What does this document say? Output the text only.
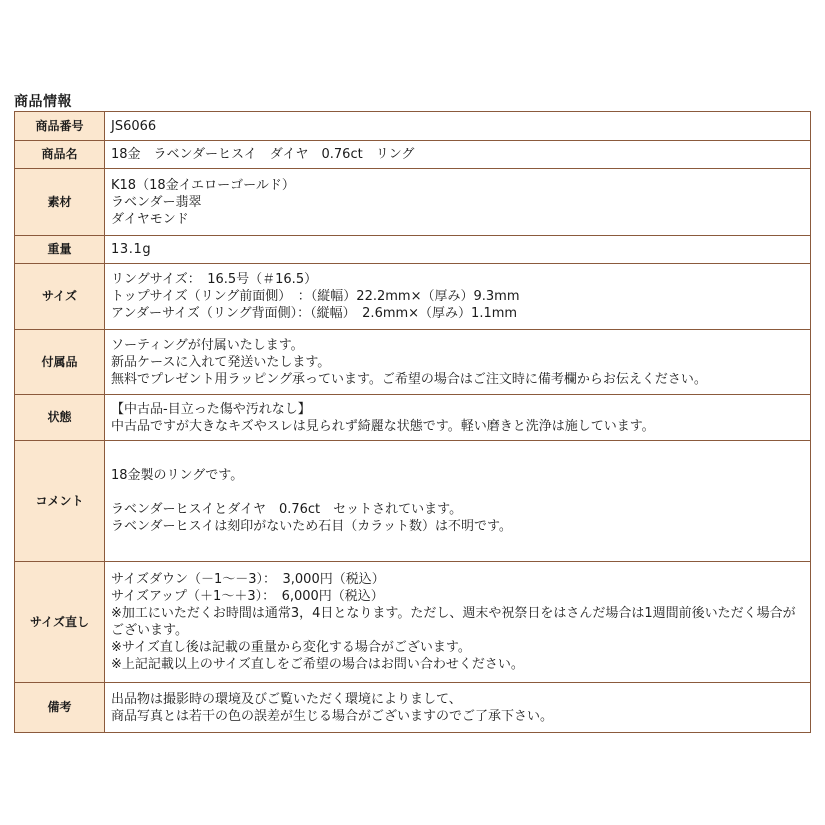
商品情報
商品番号	JS6066
商品名	18金　ラベンダーヒスイ　ダイヤ　0.76ct　リング
素材	K18（18金イエローゴールド）
ラベンダー翡翠
ダイヤモンド

重量	13.1g
サイズ	リングサイズ：　16.5号（＃16.5）
トップサイズ（リング前面側）　：（縦幅）22.2mm×（厚み）9.3mm
アンダーサイズ（リング背面側）：（縦幅）　2.6mm×（厚み）1.1mm

付属品	ソーティングが付属いたします。
新品ケースに入れて発送いたします。
無料でプレゼント用ラッピング承っています。ご希望の場合はご注文時に備考欄からお伝えください。

状態	【中古品-目立った傷や汚れなし】
中古品ですが大きなキズやスレは見られず綺麗な状態です。軽い磨きと洗浄は施しています。

コメント	18金製のリングです。
ラベンダーヒスイとダイヤ　0.76ct　セットされています。
ラベンダーヒスイは刻印がないため石目（カラット数）は不明です。

サイズ直し	サイズダウン（－1～－3）：　3,000円（税込）
サイズアップ（＋1～＋3）：　6,000円（税込）
※加工にいただくお時間は通常3，4日となります。ただし、週末や祝祭日をはさんだ場合は1週間前後いただく場合がございます。
※サイズ直し後は記載の重量から変化する場合がございます。
※上記記載以上のサイズ直しをご希望の場合はお問い合わせください。

備考	出品物は撮影時の環境及びご覧いただく環境によりまして、
商品写真とは若干の色の誤差が生じる場合がございますのでご了承下さい。
